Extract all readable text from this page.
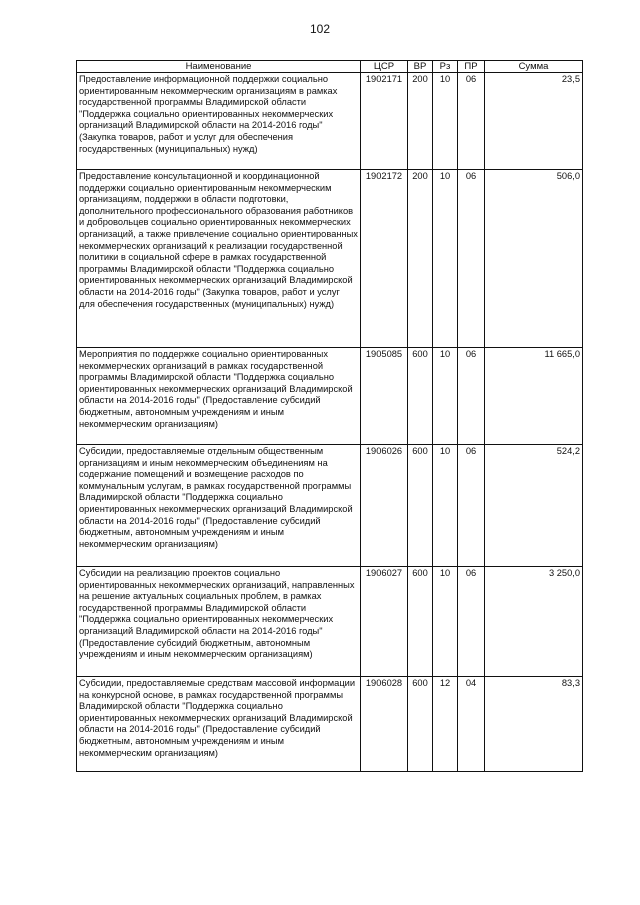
102
Наименование	ЦСР	ВР	Рз	ПР	Сумма
Предоставление информационной поддержки социально ориентированным некоммерческим организациям в рамках государственной программы Владимирской области "Поддержка социально ориентированных некоммерческих организаций Владимирской области на 2014-2016 годы" (Закупка товаров, работ и услуг для обеспечения государственных (муниципальных) нужд)	1902171	200	10	06	23,5
Предоставление консультационной и координационной поддержки социально ориентированным некоммерческим организациям, поддержки в области подготовки, дополнительного профессионального образования работников и добровольцев социально ориентированных некоммерческих организаций, а также привлечение социально ориентированных некоммерческих организаций к реализации государственной политики в социальной сфере в рамках государственной программы Владимирской области "Поддержка социально ориентированных некоммерческих организаций Владимирской области на 2014-2016 годы" (Закупка товаров, работ и услуг для обеспечения государственных (муниципальных) нужд)	1902172	200	10	06	506,0
Мероприятия по поддержке социально ориентированных некоммерческих организаций в рамках государственной программы Владимирской области "Поддержка социально ориентированных некоммерческих организаций Владимирской области на 2014-2016 годы" (Предоставление субсидий бюджетным, автономным учреждениям и иным некоммерческим организациям)	1905085	600	10	06	11 665,0
Субсидии, предоставляемые отдельным общественным организациям и иным некоммерческим объединениям на содержание помещений и возмещение расходов по коммунальным услугам, в рамках государственной программы Владимирской области "Поддержка социально ориентированных некоммерческих организаций Владимирской области на 2014-2016 годы" (Предоставление субсидий бюджетным, автономным учреждениям и иным некоммерческим организациям)	1906026	600	10	06	524,2
Субсидии на реализацию проектов социально ориентированных некоммерческих организаций, направленных на решение актуальных социальных проблем, в рамках государственной программы Владимирской области "Поддержка социально ориентированных некоммерческих организаций Владимирской области на 2014-2016 годы" (Предоставление субсидий бюджетным, автономным учреждениям и иным некоммерческим организациям)	1906027	600	10	06	3 250,0
Субсидии, предоставляемые средствам массовой информации на конкурсной основе, в рамках государственной программы Владимирской области "Поддержка социально ориентированных некоммерческих организаций Владимирской области на 2014-2016 годы" (Предоставление субсидий бюджетным, автономным учреждениям и иным некоммерческим организациям)	1906028	600	12	04	83,3
